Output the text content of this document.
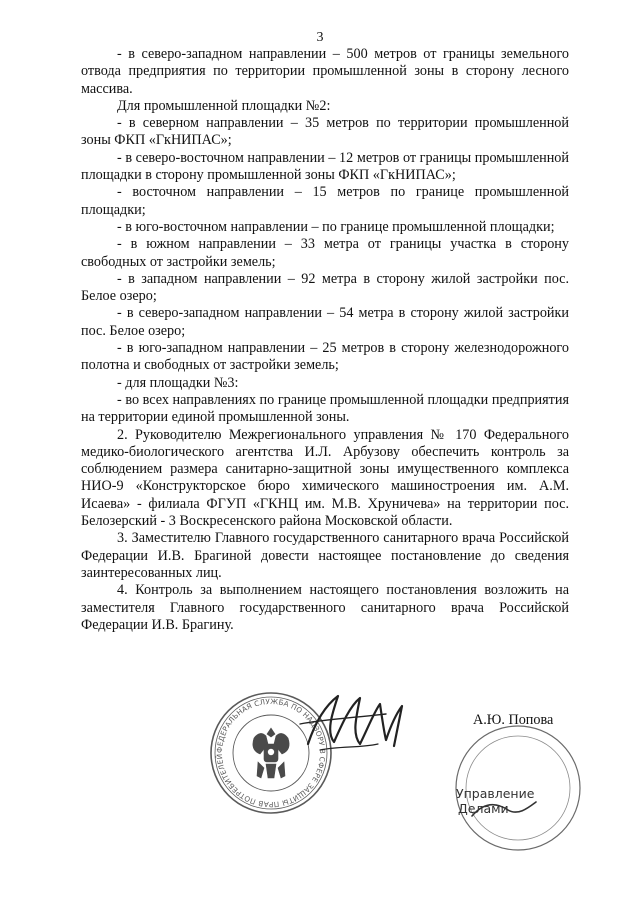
3

- в северо-западном направлении – 500 метров от границы земельного отвода предприятия по территории промышленной зоны в сторону лесного массива.

Для промышленной площадки №2:

- в северном направлении – 35 метров по территории промышленной зоны ФКП «ГкНИПАС»;

- в северо-восточном направлении – 12 метров от границы промышленной площадки в сторону промышленной зоны ФКП «ГкНИПАС»;

- восточном направлении – 15 метров по границе промышленной площадки;

- в юго-восточном направлении – по границе промышленной площадки;

- в южном направлении – 33 метра от границы участка в сторону свободных от застройки земель;

- в западном направлении – 92 метра в сторону жилой застройки пос. Белое озеро;

- в северо-западном направлении – 54 метра в сторону жилой застройки пос. Белое озеро;

- в юго-западном направлении – 25 метров в сторону железнодорожного полотна и свободных от застройки земель;

- для площадки №3:

- во всех направлениях по границе промышленной площадки предприятия на территории единой промышленной зоны.

2. Руководителю Межрегионального управления № 170 Федерального медико-биологического агентства И.Л. Арбузову обеспечить контроль за соблюдением размера санитарно-защитной зоны имущественного комплекса НИО-9 «Конструкторское бюро химического машиностроения им. А.М. Исаева» - филиала ФГУП «ГКНЦ им. М.В. Хруничева» на территории пос. Белозерский - 3 Воскресенского района Московской области.

3. Заместителю Главного государственного санитарного врача Российской Федерации И.В. Брагиной довести настоящее постановление до сведения заинтересованных лиц.

4. Контроль за выполнением настоящего постановления возложить на заместителя Главного государственного санитарного врача Российской Федерации И.В. Брагину.

ФЕДЕРАЛЬНАЯ СЛУЖБА ПО НАДЗОРУ В СФЕРЕ ЗАЩИТЫ ПРАВ ПОТРЕБИТЕЛЕЙ И БЛАГОПОЛУЧИЯ ЧЕЛОВЕКА (РОСПОТРЕБНАДЗОР)
А.Ю. Попова
Управление Делами
